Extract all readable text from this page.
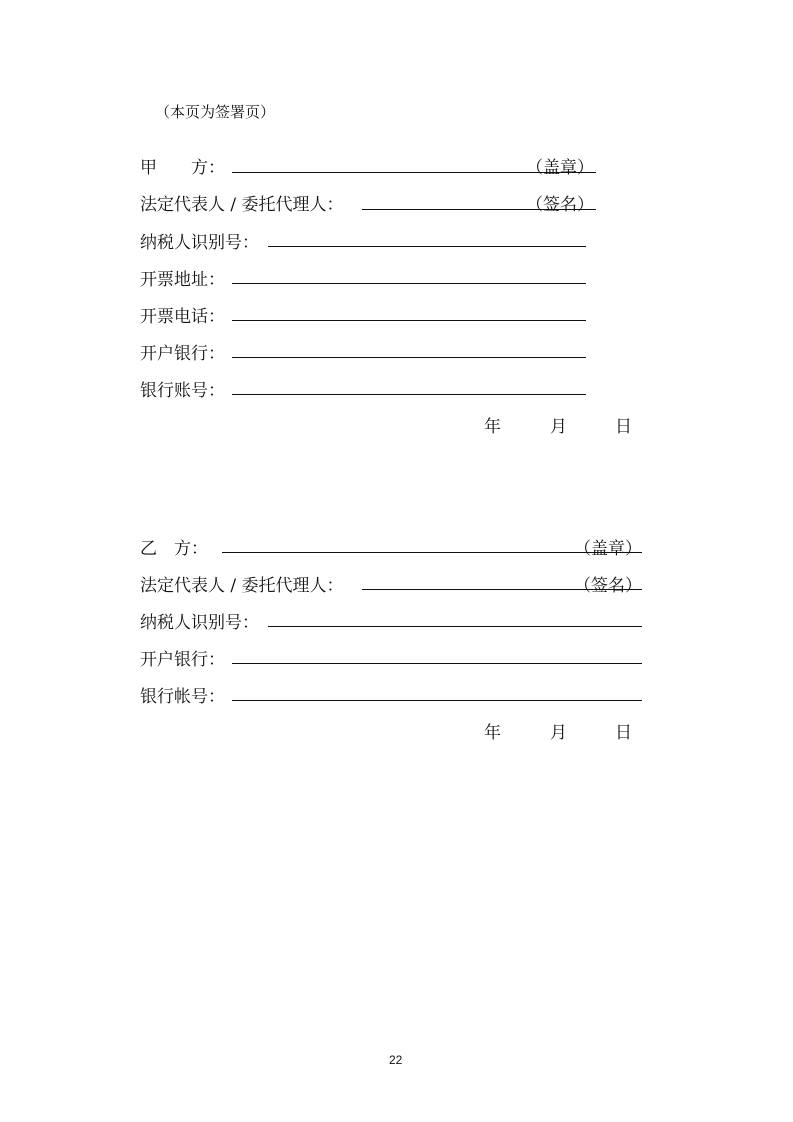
（本页为签署页）
甲　　方：	（盖章）
法定代表人 / 委托代理人：	（签名）
纳税人识别号：
开票地址：
开票电话：
开户银行：
银行账号：
年	月	日
乙　方：	（盖章）
法定代表人 / 委托代理人：	（签名）
纳税人识别号：
开户银行：
银行帐号：
年	月	日
22
